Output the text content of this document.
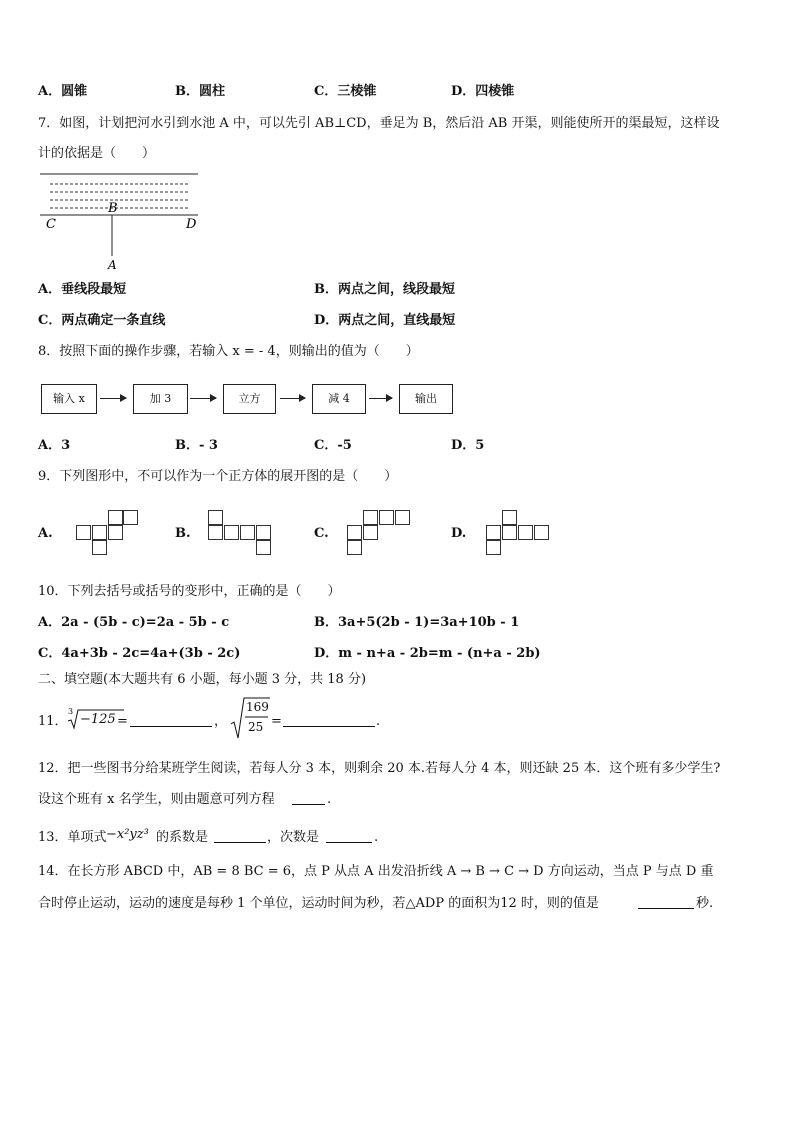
A．圆锥	B．圆柱	C．三棱锥	D．四棱锥
7．如图，计划把河水引到水池 A 中，可以先引 AB⊥CD，垂足为 B，然后沿 AB 开渠，则能使所开的渠最短，这样设
计的依据是（　　）
B
C	D
A
A．垂线段最短	B．两点之间，线段最短
C．两点确定一条直线	D．两点之间，直线最短
8．按照下面的操作步骤，若输入 x = - 4，则输出的值为（　　）
输入 x	加 3	立方	减 4	输出
A．3	B．- 3	C．-5	D．5
9．下列图形中，不可以作为一个正方体的展开图的是（　　）
A.	B.	C.	D.
10．下列去括号或括号的变形中，正确的是（　　）
A．2a - (5b - c)=2a - 5b - c	B．3a+5(2b - 1)=3a+10b - 1
C．4a+3b - 2c=4a+(3b - 2c)	D．m - n+a - 2b=m - (n+a - 2b)
二、填空题(本大题共有 6 小题，每小题 3 分，共 18 分)
11．
3
−125 =	，
169
25 =	.
12．把一些图书分给某班学生阅读，若每人分 3 本，则剩余 20 本.若每人分 4 本，则还缺 25 本．这个班有多少学生?
设这个班有 x 名学生，则由题意可列方程	.
13．单项式 −x²yz³ 的系数是	，次数是	.
14．在长方形 ABCD 中，AB = 8 BC = 6，点 P 从点 A 出发沿折线 A → B → C → D 方向运动，当点 P 与点 D 重
合时停止运动，运动的速度是每秒 1 个单位，运动时间为秒，若△ADP 的面积为12 时，则的值是	秒.
